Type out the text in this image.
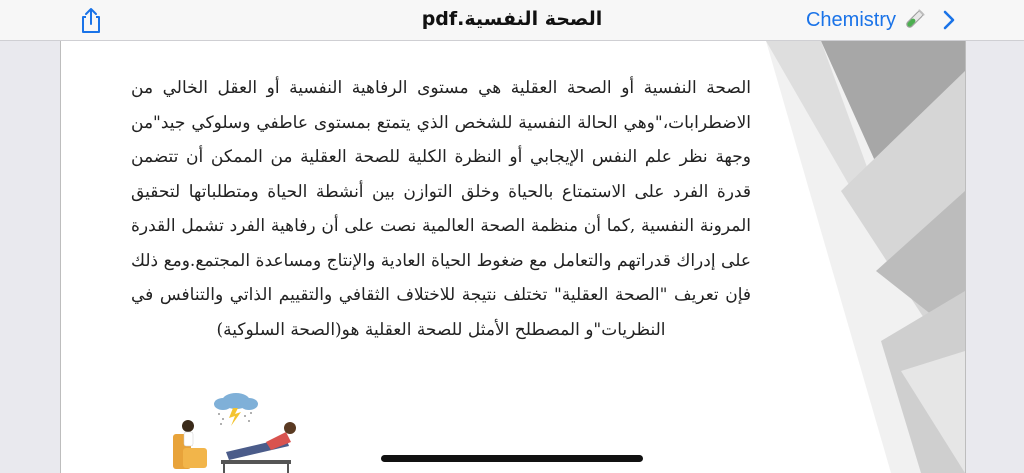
الصحة النفسية.pdf	Chemistry
الصحة النفسية أو الصحة العقلية هي مستوى الرفاهية النفسية أو العقل الخالي من الاضطرابات،"وهي الحالة النفسية للشخص الذي يتمتع بمستوى عاطفي وسلوكي جيد"من وجهة نظر علم النفس الإيجابي أو النظرة الكلية للصحة العقلية من الممكن أن تتضمن قدرة الفرد على الاستمتاع بالحياة وخلق التوازن بين أنشطة الحياة ومتطلباتها لتحقيق المرونة النفسية ,كما أن منظمة الصحة العالمية نصت على أن رفاهية الفرد تشمل القدرة على إدراك قدراتهم والتعامل مع ضغوط الحياة العادية والإنتاج ومساعدة المجتمع.ومع ذلك فإن تعريف "الصحة العقلية" تختلف نتيجة للاختلاف الثقافي والتقييم الذاتي والتنافس في النظريات"و المصطلح الأمثل للصحة العقلية هو(الصحة السلوكية)
